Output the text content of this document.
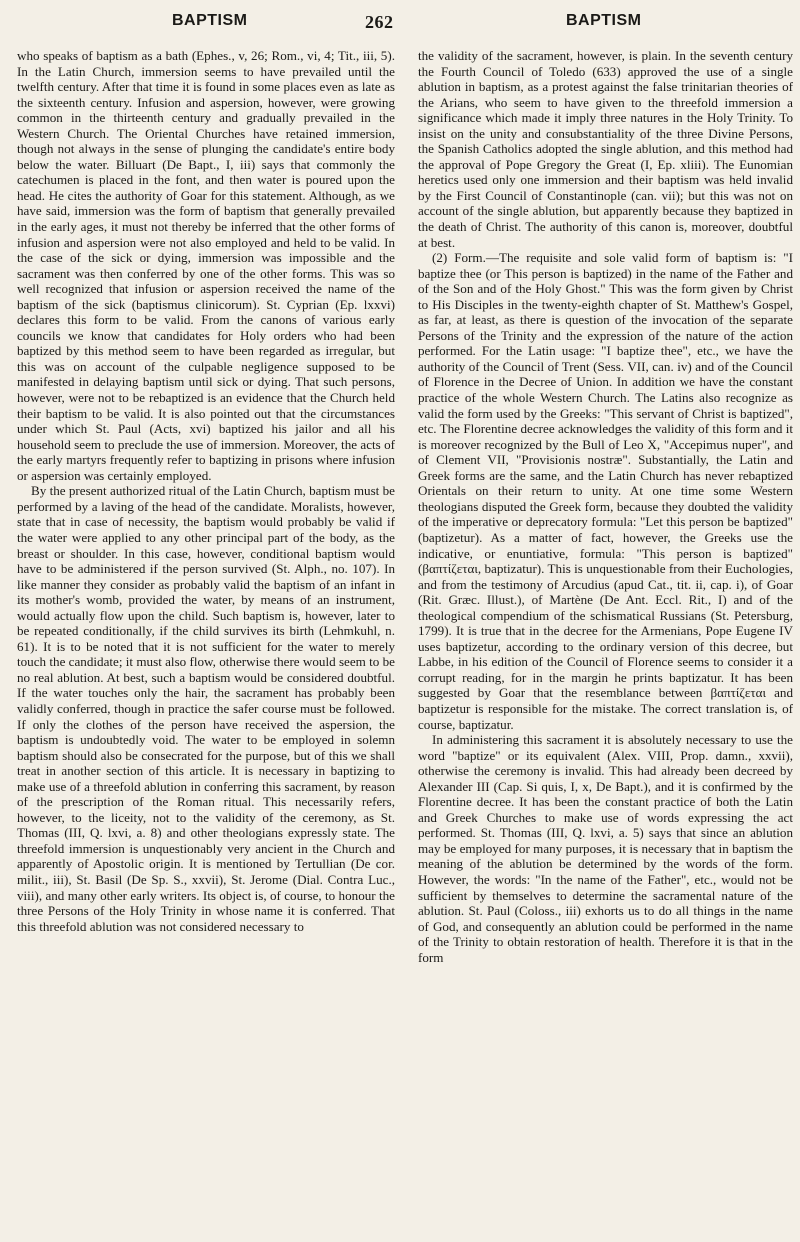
BAPTISM	262	BAPTISM

who speaks of baptism as a bath (Ephes., v, 26; Rom., vi, 4; Tit., iii, 5). In the Latin Church, immersion seems to have prevailed until the twelfth century. After that time it is found in some places even as late as the sixteenth century. Infusion and aspersion, however, were growing common in the thirteenth century and gradually prevailed in the Western Church. The Oriental Churches have retained immersion, though not always in the sense of plunging the candidate's entire body below the water. Billuart (De Bapt., I, iii) says that commonly the catechumen is placed in the font, and then water is poured upon the head. He cites the authority of Goar for this statement. Although, as we have said, immersion was the form of baptism that generally prevailed in the early ages, it must not thereby be inferred that the other forms of infusion and aspersion were not also employed and held to be valid. In the case of the sick or dying, immersion was impossible and the sacrament was then conferred by one of the other forms. This was so well recognized that infusion or aspersion received the name of the baptism of the sick (baptismus clinicorum). St. Cyprian (Ep. lxxvi) declares this form to be valid. From the canons of various early councils we know that candidates for Holy orders who had been baptized by this method seem to have been regarded as irregular, but this was on account of the culpable negligence supposed to be manifested in delaying baptism until sick or dying. That such persons, however, were not to be rebaptized is an evidence that the Church held their baptism to be valid. It is also pointed out that the circumstances under which St. Paul (Acts, xvi) baptized his jailor and all his household seem to preclude the use of immersion. Moreover, the acts of the early martyrs frequently refer to baptizing in prisons where infusion or aspersion was certainly employed.

By the present authorized ritual of the Latin Church, baptism must be performed by a laving of the head of the candidate. Moralists, however, state that in case of necessity, the baptism would probably be valid if the water were applied to any other principal part of the body, as the breast or shoulder. In this case, however, conditional baptism would have to be administered if the person survived (St. Alph., no. 107). In like manner they consider as probably valid the baptism of an infant in its mother's womb, provided the water, by means of an instrument, would actually flow upon the child. Such baptism is, however, later to be repeated conditionally, if the child survives its birth (Lehmkuhl, n. 61). It is to be noted that it is not sufficient for the water to merely touch the candidate; it must also flow, otherwise there would seem to be no real ablution. At best, such a baptism would be considered doubtful. If the water touches only the hair, the sacrament has probably been validly conferred, though in practice the safer course must be followed. If only the clothes of the person have received the aspersion, the baptism is undoubtedly void. The water to be employed in solemn baptism should also be consecrated for the purpose, but of this we shall treat in another section of this article. It is necessary in baptizing to make use of a threefold ablution in conferring this sacrament, by reason of the prescription of the Roman ritual. This necessarily refers, however, to the liceity, not to the validity of the ceremony, as St. Thomas (III, Q. lxvi, a. 8) and other theologians expressly state. The threefold immersion is unquestionably very ancient in the Church and apparently of Apostolic origin. It is mentioned by Tertullian (De cor. milit., iii), St. Basil (De Sp. S., xxvii), St. Jerome (Dial. Contra Luc., viii), and many other early writers. Its object is, of course, to honour the three Persons of the Holy Trinity in whose name it is conferred. That this threefold ablution was not considered necessary to

the validity of the sacrament, however, is plain. In the seventh century the Fourth Council of Toledo (633) approved the use of a single ablution in baptism, as a protest against the false trinitarian theories of the Arians, who seem to have given to the threefold immersion a significance which made it imply three natures in the Holy Trinity. To insist on the unity and consubstantiality of the three Divine Persons, the Spanish Catholics adopted the single ablution, and this method had the approval of Pope Gregory the Great (I, Ep. xliii). The Eunomian heretics used only one immersion and their baptism was held invalid by the First Council of Constantinople (can. vii); but this was not on account of the single ablution, but apparently because they baptized in the death of Christ. The authority of this canon is, moreover, doubtful at best.

(2) Form.—The requisite and sole valid form of baptism is: "I baptize thee (or This person is baptized) in the name of the Father and of the Son and of the Holy Ghost." This was the form given by Christ to His Disciples in the twenty-eighth chapter of St. Matthew's Gospel, as far, at least, as there is question of the invocation of the separate Persons of the Trinity and the expression of the nature of the action performed. For the Latin usage: "I baptize thee", etc., we have the authority of the Council of Trent (Sess. VII, can. iv) and of the Council of Florence in the Decree of Union. In addition we have the constant practice of the whole Western Church. The Latins also recognize as valid the form used by the Greeks: "This servant of Christ is baptized", etc. The Florentine decree acknowledges the validity of this form and it is moreover recognized by the Bull of Leo X, "Accepimus nuper", and of Clement VII, "Provisionis nostræ". Substantially, the Latin and Greek forms are the same, and the Latin Church has never rebaptized Orientals on their return to unity. At one time some Western theologians disputed the Greek form, because they doubted the validity of the imperative or deprecatory formula: "Let this person be baptized" (baptizetur). As a matter of fact, however, the Greeks use the indicative, or enuntiative, formula: "This person is baptized" (βαπτίζεται, baptizatur). This is unquestionable from their Euchologies, and from the testimony of Arcudius (apud Cat., tit. ii, cap. i), of Goar (Rit. Græc. Illust.), of Martène (De Ant. Eccl. Rit., I) and of the theological compendium of the schismatical Russians (St. Petersburg, 1799). It is true that in the decree for the Armenians, Pope Eugene IV uses baptizetur, according to the ordinary version of this decree, but Labbe, in his edition of the Council of Florence seems to consider it a corrupt reading, for in the margin he prints baptizatur. It has been suggested by Goar that the resemblance between βαπτίζεται and baptizetur is responsible for the mistake. The correct translation is, of course, baptizatur.

In administering this sacrament it is absolutely necessary to use the word "baptize" or its equivalent (Alex. VIII, Prop. damn., xxvii), otherwise the ceremony is invalid. This had already been decreed by Alexander III (Cap. Si quis, I, x, De Bapt.), and it is confirmed by the Florentine decree. It has been the constant practice of both the Latin and Greek Churches to make use of words expressing the act performed. St. Thomas (III, Q. lxvi, a. 5) says that since an ablution may be employed for many purposes, it is necessary that in baptism the meaning of the ablution be determined by the words of the form. However, the words: "In the name of the Father", etc., would not be sufficient by themselves to determine the sacramental nature of the ablution. St. Paul (Coloss., iii) exhorts us to do all things in the name of God, and consequently an ablution could be performed in the name of the Trinity to obtain restoration of health. Therefore it is that in the form
